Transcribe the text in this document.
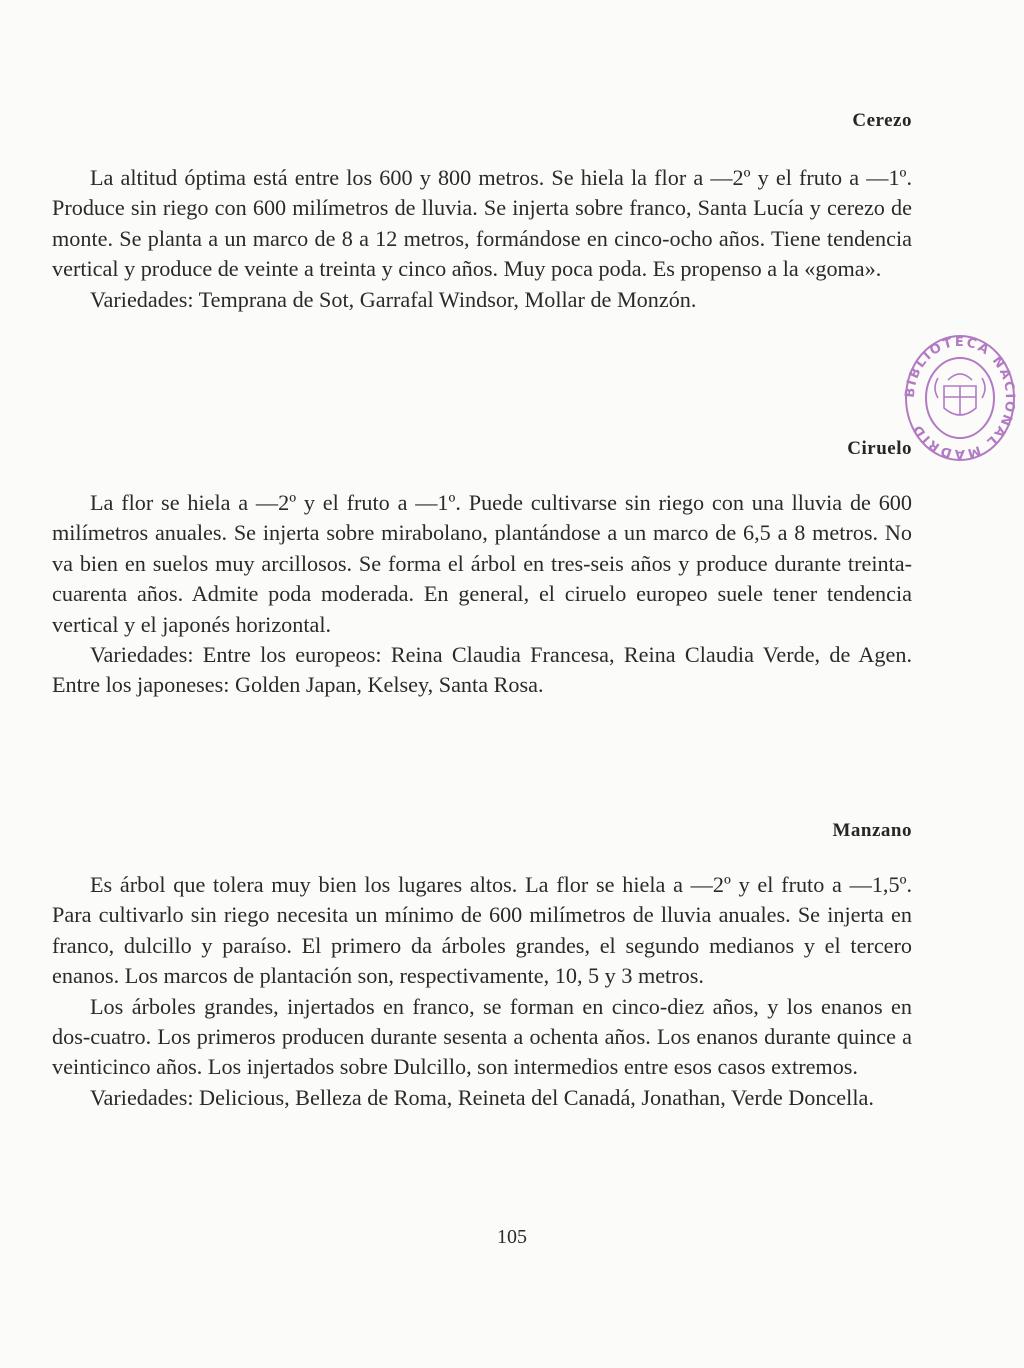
Cerezo

La altitud óptima está entre los 600 y 800 metros. Se hiela la flor a —2º y el fruto a —1º. Produce sin riego con 600 milímetros de lluvia. Se injerta sobre franco, Santa Lucía y cerezo de monte. Se planta a un marco de 8 a 12 metros, formándose en cinco-ocho años. Tiene tendencia vertical y produce de veinte a treinta y cinco años. Muy poca poda. Es propenso a la «goma».

Variedades: Temprana de Sot, Garrafal Windsor, Mollar de Monzón.

Ciruelo

La flor se hiela a —2º y el fruto a —1º. Puede cultivarse sin riego con una lluvia de 600 milímetros anuales. Se injerta sobre mirabolano, plantándose a un marco de 6,5 a 8 metros. No va bien en suelos muy arcillosos. Se forma el árbol en tres-seis años y produce durante treinta-cuarenta años. Admite poda moderada. En general, el ciruelo europeo suele tener tendencia vertical y el japonés horizontal.

Variedades: Entre los europeos: Reina Claudia Francesa, Reina Claudia Verde, de Agen. Entre los japoneses: Golden Japan, Kelsey, Santa Rosa.

Manzano

Es árbol que tolera muy bien los lugares altos. La flor se hiela a —2º y el fruto a —1,5º. Para cultivarlo sin riego necesita un mínimo de 600 milímetros de lluvia anuales. Se injerta en franco, dulcillo y paraíso. El primero da árboles grandes, el segundo medianos y el tercero enanos. Los marcos de plantación son, respectivamente, 10, 5 y 3 metros.

Los árboles grandes, injertados en franco, se forman en cinco-diez años, y los enanos en dos-cuatro. Los primeros producen durante sesenta a ochenta años. Los enanos durante quince a veinticinco años. Los injertados sobre Dulcillo, son intermedios entre esos casos extremos.

Variedades: Delicious, Belleza de Roma, Reineta del Canadá, Jonathan, Verde Doncella.

105
BIBLIOTECA NACIONAL MADRID
